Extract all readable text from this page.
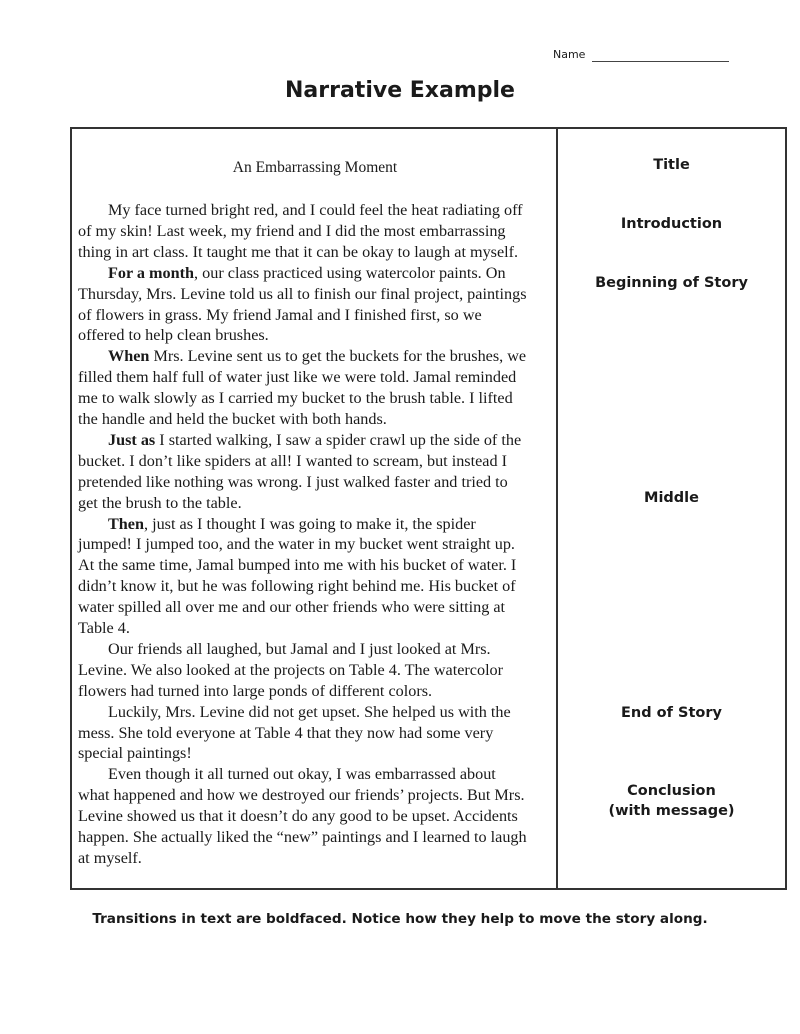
Name
Narrative Example
An Embarrassing Moment
My face turned bright red, and I could feel the heat radiating off
of my skin! Last week, my friend and I did the most embarrassing
thing in art class. It taught me that it can be okay to laugh at myself.
For a month, our class practiced using watercolor paints. On
Thursday, Mrs. Levine told us all to finish our final project, paintings
of flowers in grass. My friend Jamal and I finished first, so we
offered to help clean brushes.
When Mrs. Levine sent us to get the buckets for the brushes, we
filled them half full of water just like we were told. Jamal reminded
me to walk slowly as I carried my bucket to the brush table. I lifted
the handle and held the bucket with both hands.
Just as I started walking, I saw a spider crawl up the side of the
bucket. I don’t like spiders at all! I wanted to scream, but instead I
pretended like nothing was wrong. I just walked faster and tried to
get the brush to the table.
Then, just as I thought I was going to make it, the spider
jumped! I jumped too, and the water in my bucket went straight up.
At the same time, Jamal bumped into me with his bucket of water. I
didn’t know it, but he was following right behind me. His bucket of
water spilled all over me and our other friends who were sitting at
Table 4.
Our friends all laughed, but Jamal and I just looked at Mrs.
Levine. We also looked at the projects on Table 4. The watercolor
flowers had turned into large ponds of different colors.
Luckily, Mrs. Levine did not get upset. She helped us with the
mess. She told everyone at Table 4 that they now had some very
special paintings!
Even though it all turned out okay, I was embarrassed about
what happened and how we destroyed our friends’ projects. But Mrs.
Levine showed us that it doesn’t do any good to be upset. Accidents
happen. She actually liked the “new” paintings and I learned to laugh
at myself.
Title
Introduction
Beginning of Story
Middle
End of Story
Conclusion
(with message)
Transitions in text are boldfaced. Notice how they help to move the story along.
